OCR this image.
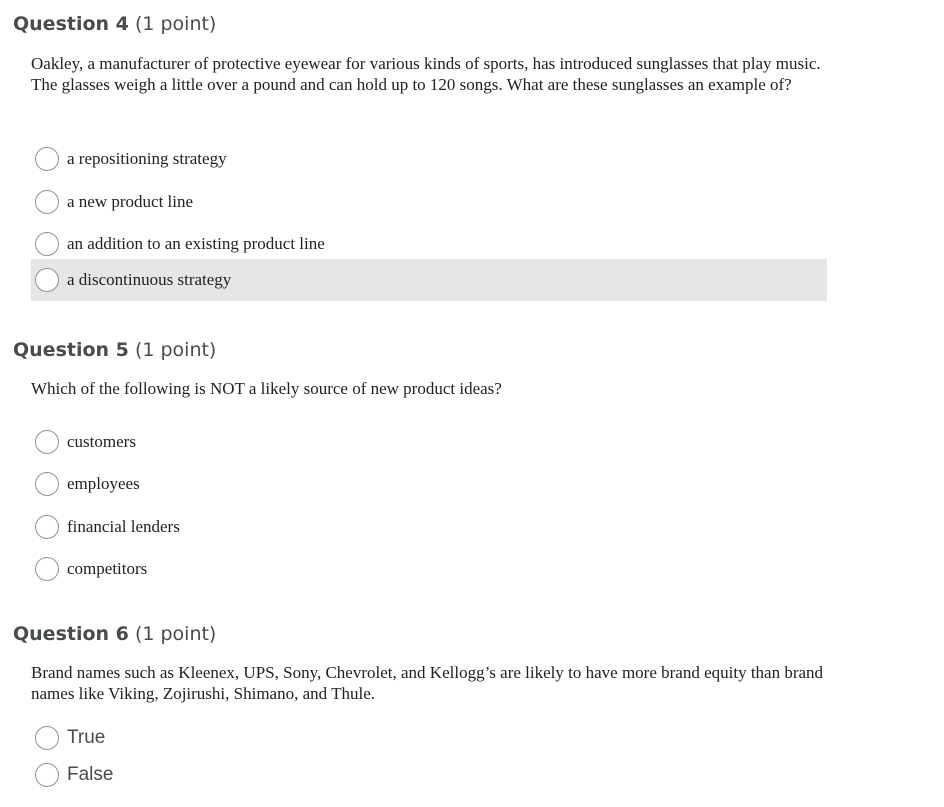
Question 4 (1 point)
Oakley, a manufacturer of protective eyewear for various kinds of sports, has introduced sunglasses that play music. The glasses weigh a little over a pound and can hold up to 120 songs. What are these sunglasses an example of?
a repositioning strategy
a new product line
an addition to an existing product line
a discontinuous strategy
Question 5 (1 point)
Which of the following is NOT a likely source of new product ideas?
customers
employees
financial lenders
competitors
Question 6 (1 point)
Brand names such as Kleenex, UPS, Sony, Chevrolet, and Kellogg’s are likely to have more brand equity than brand names like Viking, Zojirushi, Shimano, and Thule.
True
False
